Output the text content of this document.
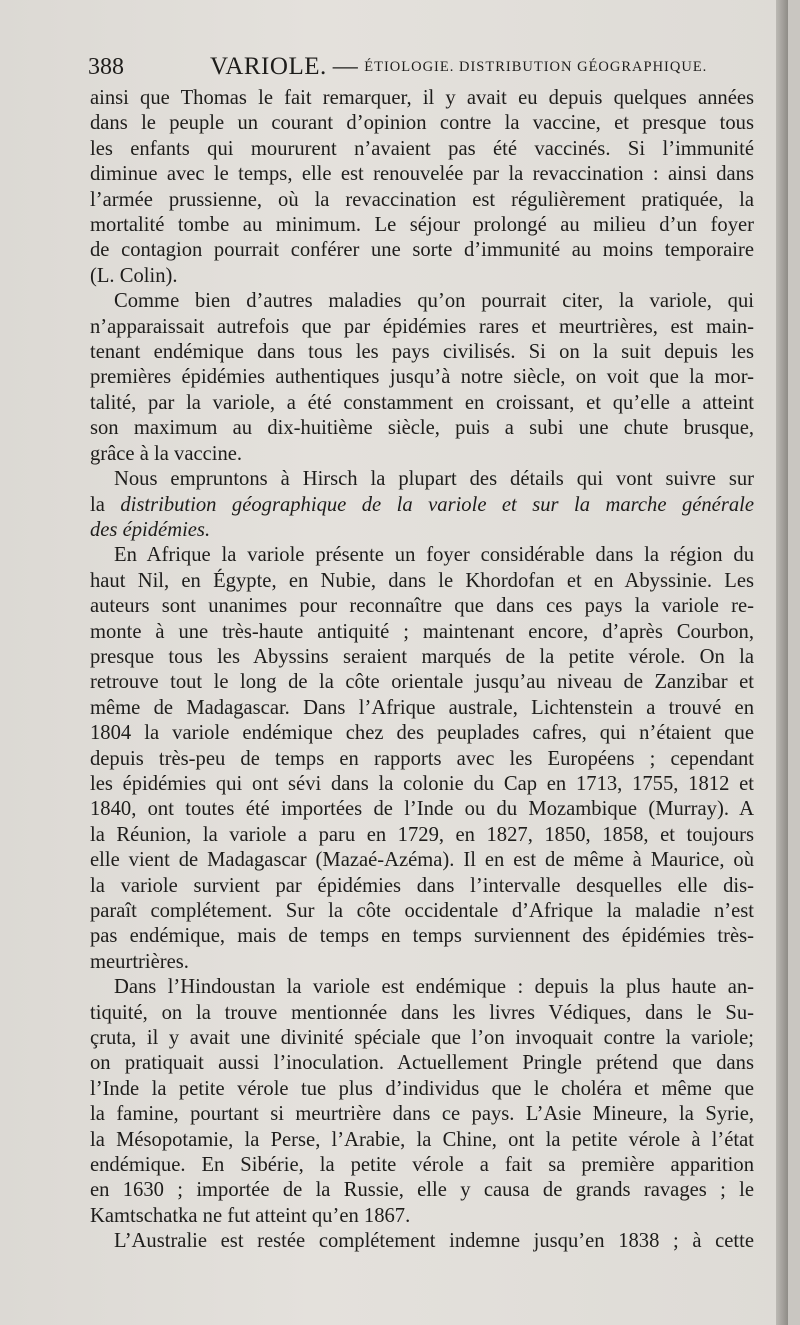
388	VARIOLE. — $^{ÉTIOLOGIE. DISTRIBUTION GÉOGRAPHIQUE.}$

ainsi que Thomas le fait remarquer, il y avait eu depuis quelques années

dans le peuple un courant d’opinion contre la vaccine, et presque tous

les enfants qui moururent n’avaient pas été vaccinés. Si l’immunité

diminue avec le temps, elle est renouvelée par la revaccination : ainsi dans

l’armée prussienne, où la revaccination est régulièrement pratiquée, la

mortalité tombe au minimum. Le séjour prolongé au milieu d’un foyer

de contagion pourrait conférer une sorte d’immunité au moins temporaire

(L. Colin).

Comme bien d’autres maladies qu’on pourrait citer, la variole, qui

n’apparaissait autrefois que par épidémies rares et meurtrières, est main-

tenant endémique dans tous les pays civilisés. Si on la suit depuis les

premières épidémies authentiques jusqu’à notre siècle, on voit que la mor-

talité, par la variole, a été constamment en croissant, et qu’elle a atteint

son maximum au dix-huitième siècle, puis a subi une chute brusque,

grâce à la vaccine.

Nous empruntons à Hirsch la plupart des détails qui vont suivre sur

la distribution géographique de la variole et sur la marche générale

des épidémies.

En Afrique la variole présente un foyer considérable dans la région du

haut Nil, en Égypte, en Nubie, dans le Khordofan et en Abyssinie. Les

auteurs sont unanimes pour reconnaître que dans ces pays la variole re-

monte à une très-haute antiquité ; maintenant encore, d’après Courbon,

presque tous les Abyssins seraient marqués de la petite vérole. On la

retrouve tout le long de la côte orientale jusqu’au niveau de Zanzibar et

même de Madagascar. Dans l’Afrique australe, Lichtenstein a trouvé en

1804 la variole endémique chez des peuplades cafres, qui n’étaient que

depuis très-peu de temps en rapports avec les Européens ; cependant

les épidémies qui ont sévi dans la colonie du Cap en 1713, 1755, 1812 et

1840, ont toutes été importées de l’Inde ou du Mozambique (Murray). A

la Réunion, la variole a paru en 1729, en 1827, 1850, 1858, et toujours

elle vient de Madagascar (Mazaé-Azéma). Il en est de même à Maurice, où

la variole survient par épidémies dans l’intervalle desquelles elle dis-

paraît complétement. Sur la côte occidentale d’Afrique la maladie n’est

pas endémique, mais de temps en temps surviennent des épidémies très-

meurtrières.

Dans l’Hindoustan la variole est endémique : depuis la plus haute an-

tiquité, on la trouve mentionnée dans les livres Védiques, dans le Su-

çruta, il y avait une divinité spéciale que l’on invoquait contre la variole;

on pratiquait aussi l’inoculation. Actuellement Pringle prétend que dans

l’Inde la petite vérole tue plus d’individus que le choléra et même que

la famine, pourtant si meurtrière dans ce pays. L’Asie Mineure, la Syrie,

la Mésopotamie, la Perse, l’Arabie, la Chine, ont la petite vérole à l’état

endémique. En Sibérie, la petite vérole a fait sa première apparition

en 1630 ; importée de la Russie, elle y causa de grands ravages ; le

Kamtschatka ne fut atteint qu’en 1867.

L’Australie est restée complétement indemne jusqu’en 1838 ; à cette
